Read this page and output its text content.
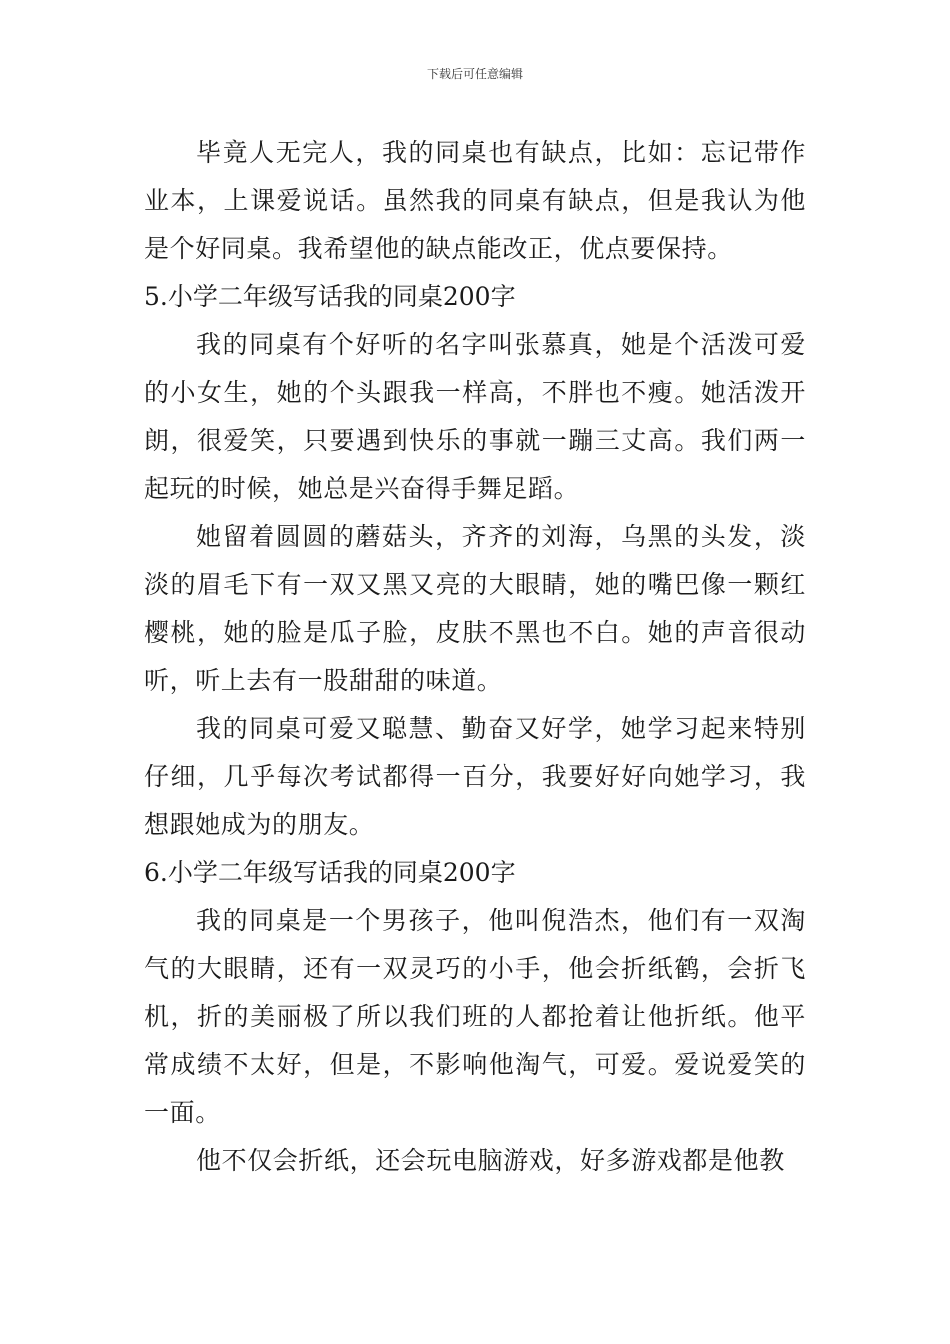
下载后可任意编辑

毕竟人无完人，我的同桌也有缺点，比如：忘记带作业本，上课爱说话。虽然我的同桌有缺点，但是我认为他是个好同桌。我希望他的缺点能改正，优点要保持。

5.小学二年级写话我的同桌200字

我的同桌有个好听的名字叫张慕真，她是个活泼可爱的小女生，她的个头跟我一样高，不胖也不瘦。她活泼开朗，很爱笑，只要遇到快乐的事就一蹦三丈高。我们两一起玩的时候，她总是兴奋得手舞足蹈。

她留着圆圆的蘑菇头，齐齐的刘海，乌黑的头发，淡淡的眉毛下有一双又黑又亮的大眼睛，她的嘴巴像一颗红樱桃，她的脸是瓜子脸，皮肤不黑也不白。她的声音很动听，听上去有一股甜甜的味道。

我的同桌可爱又聪慧、勤奋又好学，她学习起来特别仔细，几乎每次考试都得一百分，我要好好向她学习，我想跟她成为的朋友。

6.小学二年级写话我的同桌200字

我的同桌是一个男孩子，他叫倪浩杰，他们有一双淘气的大眼睛，还有一双灵巧的小手，他会折纸鹤，会折飞机，折的美丽极了所以我们班的人都抢着让他折纸。他平常成绩不太好，但是，不影响他淘气，可爱。爱说爱笑的一面。

他不仅会折纸，还会玩电脑游戏，好多游戏都是他教
